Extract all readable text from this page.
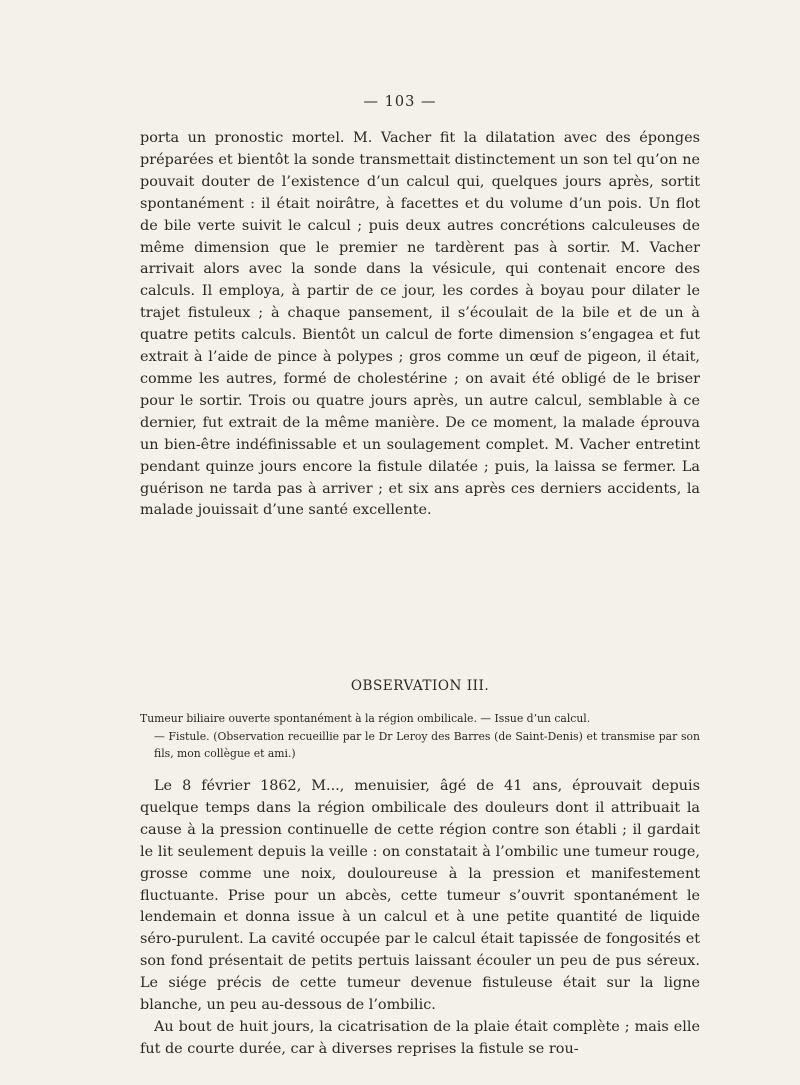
— 103 —

porta un pronostic mortel. M. Vacher fit la dilatation avec des éponges préparées et bientôt la sonde transmettait distinctement un son tel qu’on ne pouvait douter de l’existence d’un calcul qui, quelques jours après, sortit spontanément : il était noirâtre, à facettes et du volume d’un pois. Un flot de bile verte suivit le calcul ; puis deux autres concrétions calculeuses de même dimension que le premier ne tardèrent pas à sortir. M. Vacher arrivait alors avec la sonde dans la vésicule, qui contenait encore des calculs. Il employa, à partir de ce jour, les cordes à boyau pour dilater le trajet fistuleux ; à chaque pansement, il s’écoulait de la bile et de un à quatre petits calculs. Bientôt un calcul de forte dimension s’engagea et fut extrait à l’aide de pince à polypes ; gros comme un œuf de pigeon, il était, comme les autres, formé de cholestérine ; on avait été obligé de le briser pour le sortir. Trois ou quatre jours après, un autre calcul, semblable à ce dernier, fut extrait de la même manière. De ce moment, la malade éprouva un bien-être indéfinissable et un soulagement complet. M. Vacher entretint pendant quinze jours encore la fistule dilatée ; puis, la laissa se fermer. La guérison ne tarda pas à arriver ; et six ans après ces derniers accidents, la malade jouissait d’une santé excellente.

OBSERVATION III.
Tumeur biliaire ouverte spontanément à la région ombilicale. — Issue d’un calcul.
— Fistule. (Observation recueillie par le Dr Leroy des Barres (de Saint-Denis) et transmise par son fils, mon collègue et ami.)

Le 8 février 1862, M..., menuisier, âgé de 41 ans, éprouvait depuis quelque temps dans la région ombilicale des douleurs dont il attribuait la cause à la pression continuelle de cette région contre son établi ; il gardait le lit seulement depuis la veille : on constatait à l’ombilic une tumeur rouge, grosse comme une noix, douloureuse à la pression et manifestement fluctuante. Prise pour un abcès, cette tumeur s’ouvrit spontanément le lendemain et donna issue à un calcul et à une petite quantité de liquide séro-purulent. La cavité occupée par le calcul était tapissée de fongosités et son fond présentait de petits pertuis laissant écouler un peu de pus séreux. Le siége précis de cette tumeur devenue fistuleuse était sur la ligne blanche, un peu au-dessous de l’ombilic.

Au bout de huit jours, la cicatrisation de la plaie était complète ; mais elle fut de courte durée, car à diverses reprises la fistule se rou-
